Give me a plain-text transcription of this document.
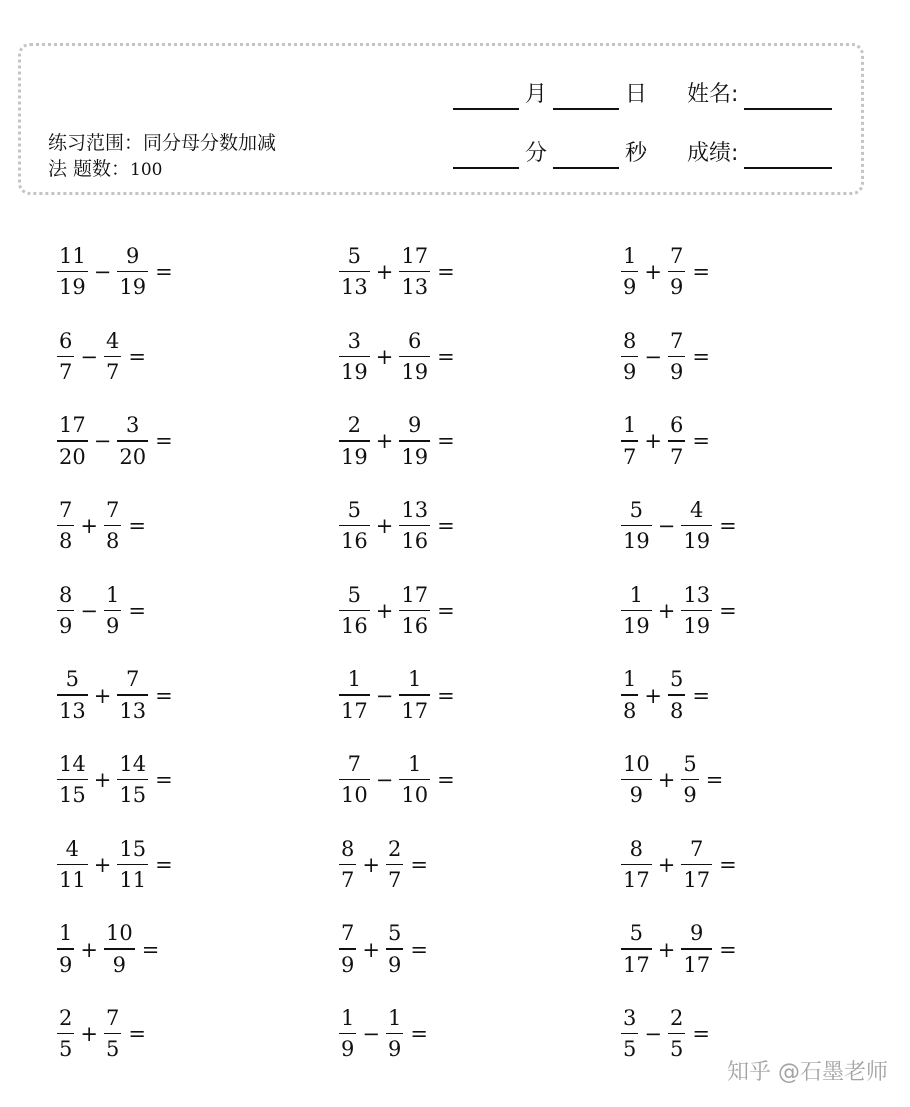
练习范围：同分母分数加减
法 题数：100
月	日	姓名:
分	秒	成绩:
$\frac{11}{19} - \frac{9}{19}$ =	$\frac{5}{13} + \frac{17}{13}$ =	$\frac{1}{9} + \frac{7}{9}$ =
$\frac{6}{7} - \frac{4}{7}$ =	$\frac{3}{19} + \frac{6}{19}$ =	$\frac{8}{9} - \frac{7}{9}$ =
$\frac{17}{20} - \frac{3}{20}$ =	$\frac{2}{19} + \frac{9}{19}$ =	$\frac{1}{7} + \frac{6}{7}$ =
$\frac{7}{8} + \frac{7}{8}$ =	$\frac{5}{16} + \frac{13}{16}$ =	$\frac{5}{19} - \frac{4}{19}$ =
$\frac{8}{9} - \frac{1}{9}$ =	$\frac{5}{16} + \frac{17}{16}$ =	$\frac{1}{19} + \frac{13}{19}$ =
$\frac{5}{13} + \frac{7}{13}$ =	$\frac{1}{17} - \frac{1}{17}$ =	$\frac{1}{8} + \frac{5}{8}$ =
$\frac{14}{15} + \frac{14}{15}$ =	$\frac{7}{10} - \frac{1}{10}$ =	$\frac{10}{9} + \frac{5}{9}$ =
$\frac{4}{11} + \frac{15}{11}$ =	$\frac{8}{7} + \frac{2}{7}$ =	$\frac{8}{17} + \frac{7}{17}$ =
$\frac{1}{9} + \frac{10}{9}$ =	$\frac{7}{9} + \frac{5}{9}$ =	$\frac{5}{17} + \frac{9}{17}$ =
$\frac{2}{5} + \frac{7}{5}$ =	$\frac{1}{9} - \frac{1}{9}$ =	$\frac{3}{5} - \frac{2}{5}$ =
知乎 @石墨老师
